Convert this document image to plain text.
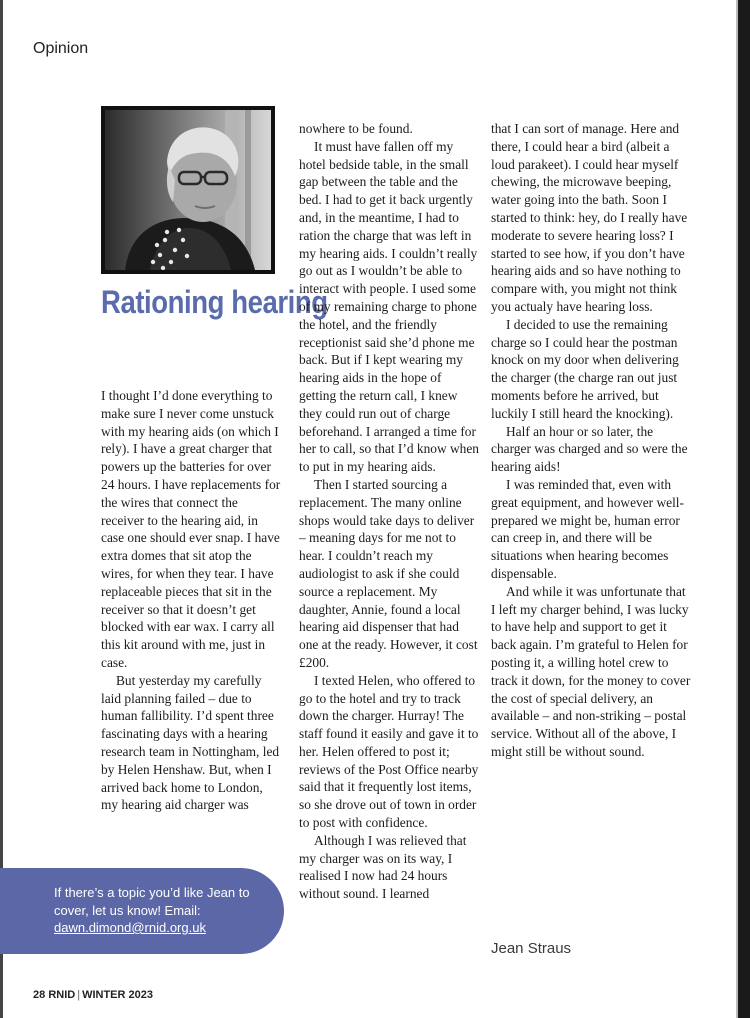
Opinion
Rationing hearing

I thought I’d done everything to make sure I never come unstuck with my hearing aids (on which I rely). I have a great charger that powers up the batteries for over 24 hours. I have replacements for the wires that connect the receiver to the hearing aid, in case one should ever snap. I have extra domes that sit atop the wires, for when they tear. I have replaceable pieces that sit in the receiver so that it doesn’t get blocked with ear wax. I carry all this kit around with me, just in case.

But yesterday my carefully laid planning failed – due to human fallibility. I’d spent three fascinating days with a hearing research team in Nottingham, led by Helen Henshaw. But, when I arrived back home to London, my hearing aid charger was

nowhere to be found.

It must have fallen off my hotel bedside table, in the small gap between the table and the bed. I had to get it back urgently and, in the meantime, I had to ration the charge that was left in my hearing aids. I couldn’t really go out as I wouldn’t be able to interact with people. I used some of my remaining charge to phone the hotel, and the friendly receptionist said she’d phone me back. But if I kept wearing my hearing aids in the hope of getting the return call, I knew they could run out of charge beforehand. I arranged a time for her to call, so that I’d know when to put in my hearing aids.

Then I started sourcing a replacement. The many online shops would take days to deliver – meaning days for me not to hear. I couldn’t reach my audiologist to ask if she could source a replacement. My daughter, Annie, found a local hearing aid dispenser that had one at the ready. However, it cost £200.

I texted Helen, who offered to go to the hotel and try to track down the charger. Hurray! The staff found it easily and gave it to her. Helen offered to post it; reviews of the Post Office nearby said that it frequently lost items, so she drove out of town in order to post with confidence.

Although I was relieved that my charger was on its way, I realised I now had 24 hours without sound. I learned

that I can sort of manage. Here and there, I could hear a bird (albeit a loud parakeet). I could hear myself chewing, the microwave beeping, water going into the bath. Soon I started to think: hey, do I really have moderate to severe hearing loss? I started to see how, if you don’t have hearing aids and so have nothing to compare with, you might not think you actualy have hearing loss.

I decided to use the remaining charge so I could hear the postman knock on my door when delivering the charger (the charge ran out just moments before he arrived, but luckily I still heard the knocking).

Half an hour or so later, the charger was charged and so were the hearing aids!

I was reminded that, even with great equipment, and however well-prepared we might be, human error can creep in, and there will be situations when hearing becomes dispensable.

And while it was unfortunate that I left my charger behind, I was lucky to have help and support to get it back again. I’m grateful to Helen for posting it, a willing hotel crew to track it down, for the money to cover the cost of special delivery, an available – and non-striking – postal service. Without all of the above, I might still be without sound.

Jean Straus
If there’s a topic you’d like Jean to cover, let us know! Email: dawn.dimond@rnid.org.uk
28 RNID | WINTER 2023
